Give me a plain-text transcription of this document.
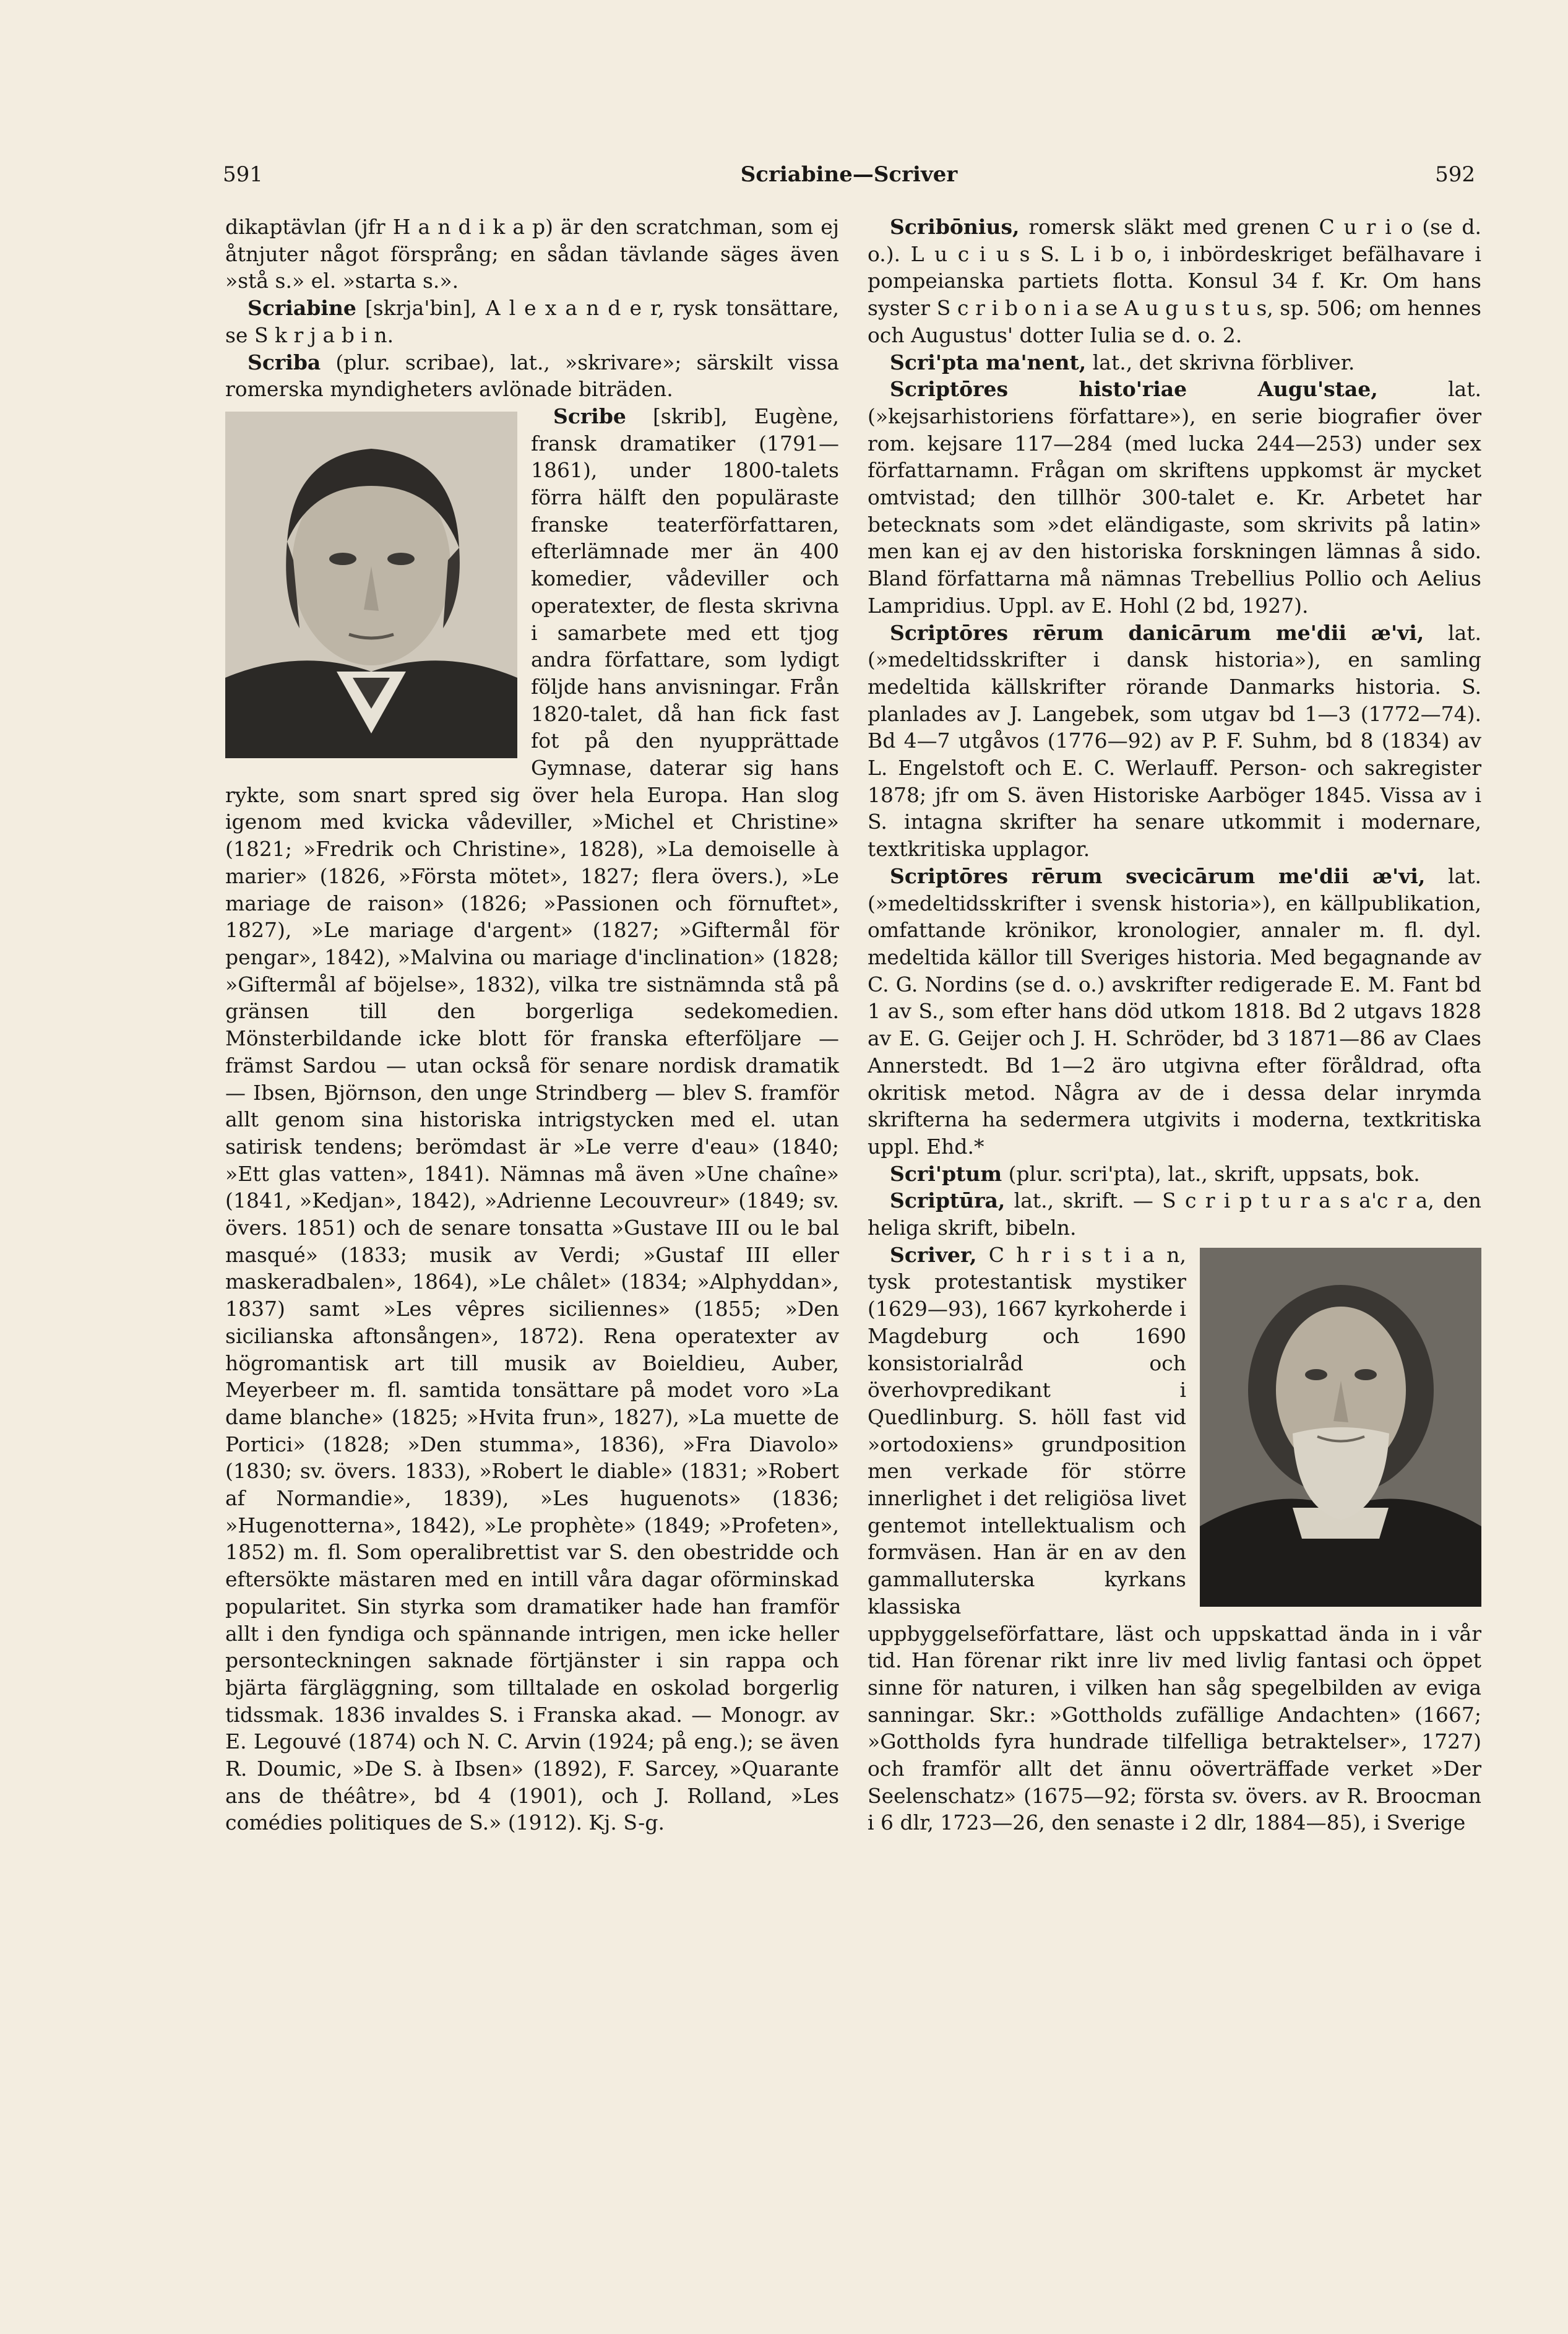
591	Scriabine—Scriver	592

dikaptävlan (jfr H a n d i k a p) är den scratchman, som ej åtnjuter något försprång; en sådan tävlande säges även »stå s.» el. »starta s.».

Scriabine [skrja'bin], A l e x a n d e r, rysk tonsättare, se S k r j a b i n.

Scriba (plur. scribae), lat., »skrivare»; särskilt vissa romerska myndigheters avlönade biträden.

Scribe [skrib], Eugène, fransk dramatiker (1791—1861), under 1800-talets förra hälft den populäraste franske teaterförfattaren, efterlämnade mer än 400 komedier, vådeviller och operatexter, de flesta skrivna i samarbete med ett tjog andra författare, som lydigt följde hans anvisningar. Från 1820-talet, då han fick fast fot på den nyupprättade Gymnase, daterar sig hans rykte, som snart spred sig över hela Europa. Han slog igenom med kvicka vådeviller, »Michel et Christine» (1821; »Fredrik och Christine», 1828), »La demoiselle à marier» (1826, »Första mötet», 1827; flera övers.), »Le mariage de raison» (1826; »Passionen och förnuftet», 1827), »Le mariage d'argent» (1827; »Giftermål för pengar», 1842), »Malvina ou mariage d'inclination» (1828; »Giftermål af böjelse», 1832), vilka tre sistnämnda stå på gränsen till den borgerliga sedekomedien. Mönsterbildande icke blott för franska efterföljare — främst Sardou — utan också för senare nordisk dramatik — Ibsen, Björnson, den unge Strindberg — blev S. framför allt genom sina historiska intrigstycken med el. utan satirisk tendens; berömdast är »Le verre d'eau» (1840; »Ett glas vatten», 1841). Nämnas må även »Une chaîne» (1841, »Kedjan», 1842), »Adrienne Lecouvreur» (1849; sv. övers. 1851) och de senare tonsatta »Gustave III ou le bal masqué» (1833; musik av Verdi; »Gustaf III eller maskeradbalen», 1864), »Le châlet» (1834; »Alphyddan», 1837) samt »Les vêpres siciliennes» (1855; »Den sicilianska aftonsången», 1872). Rena operatexter av högromantisk art till musik av Boieldieu, Auber, Meyerbeer m. fl. samtida tonsättare på modet voro »La dame blanche» (1825; »Hvita frun», 1827), »La muette de Portici» (1828; »Den stumma», 1836), »Fra Diavolo» (1830; sv. övers. 1833), »Robert le diable» (1831; »Robert af Normandie», 1839), »Les huguenots» (1836; »Hugenotterna», 1842), »Le prophète» (1849; »Profeten», 1852) m. fl. Som operalibrettist var S. den obestridde och eftersökte mästaren med en intill våra dagar oförminskad popularitet. Sin styrka som dramatiker hade han framför allt i den fyndiga och spännande intrigen, men icke heller personteckningen saknade förtjänster i sin rappa och bjärta färgläggning, som tilltalade en oskolad borgerlig tidssmak. 1836 invaldes S. i Franska akad. — Monogr. av E. Legouvé (1874) och N. C. Arvin (1924; på eng.); se även R. Doumic, »De S. à Ibsen» (1892), F. Sarcey, »Quarante ans de théâtre», bd 4 (1901), och J. Rolland, »Les comédies politiques de S.» (1912). Kj. S-g.

Scribōnius, romersk släkt med grenen C u r i o (se d. o.). L u c i u s S. L i b o, i inbördeskriget befälhavare i pompeianska partiets flotta. Konsul 34 f. Kr. Om hans syster S c r i b o n i a se A u g u s t u s, sp. 506; om hennes och Augustus' dotter Iulia se d. o. 2.

Scri'pta ma'nent, lat., det skrivna förbliver.

Scriptōres histo'riae Augu'stae, lat. (»kejsarhistoriens författare»), en serie biografier över rom. kejsare 117—284 (med lucka 244—253) under sex författarnamn. Frågan om skriftens uppkomst är mycket omtvistad; den tillhör 300-talet e. Kr. Arbetet har betecknats som »det eländigaste, som skrivits på latin» men kan ej av den historiska forskningen lämnas å sido. Bland författarna må nämnas Trebellius Pollio och Aelius Lampridius. Uppl. av E. Hohl (2 bd, 1927).

Scriptōres rērum danicārum me'dii æ'vi, lat. (»medeltidsskrifter i dansk historia»), en samling medeltida källskrifter rörande Danmarks historia. S. planlades av J. Langebek, som utgav bd 1—3 (1772—74). Bd 4—7 utgåvos (1776—92) av P. F. Suhm, bd 8 (1834) av L. Engelstoft och E. C. Werlauff. Person- och sakregister 1878; jfr om S. även Historiske Aarböger 1845. Vissa av i S. intagna skrifter ha senare utkommit i modernare, textkritiska upplagor.

Scriptōres rērum svecicārum me'dii æ'vi, lat. (»medeltidsskrifter i svensk historia»), en källpublikation, omfattande krönikor, kronologier, annaler m. fl. dyl. medeltida källor till Sveriges historia. Med begagnande av C. G. Nordins (se d. o.) avskrifter redigerade E. M. Fant bd 1 av S., som efter hans död utkom 1818. Bd 2 utgavs 1828 av E. G. Geijer och J. H. Schröder, bd 3 1871—86 av Claes Annerstedt. Bd 1—2 äro utgivna efter föråldrad, ofta okritisk metod. Några av de i dessa delar inrymda skrifterna ha sedermera utgivits i moderna, textkritiska uppl. Ehd.*

Scri'ptum (plur. scri'pta), lat., skrift, uppsats, bok.

Scriptūra, lat., skrift. — S c r i p t u r a s a'c r a, den heliga skrift, bibeln.

Scriver, C h r i s t i a n, tysk protestantisk mystiker (1629—93), 1667 kyrkoherde i Magdeburg och 1690 konsistorialråd och överhovpredikant i Quedlinburg. S. höll fast vid »ortodoxiens» grundposition men verkade för större innerlighet i det religiösa livet gentemot intellektualism och formväsen. Han är en av den gammalluterska kyrkans klassiska uppbyggelseförfattare, läst och uppskattad ända in i vår tid. Han förenar rikt inre liv med livlig fantasi och öppet sinne för naturen, i vilken han såg spegelbilden av eviga sanningar. Skr.: »Gottholds zufällige Andachten» (1667; »Gottholds fyra hundrade tilfelliga betraktelser», 1727) och framför allt det ännu oöverträffade verket »Der Seelenschatz» (1675—92; första sv. övers. av R. Broocman i 6 dlr, 1723—26, den senaste i 2 dlr, 1884—85), i Sverige
